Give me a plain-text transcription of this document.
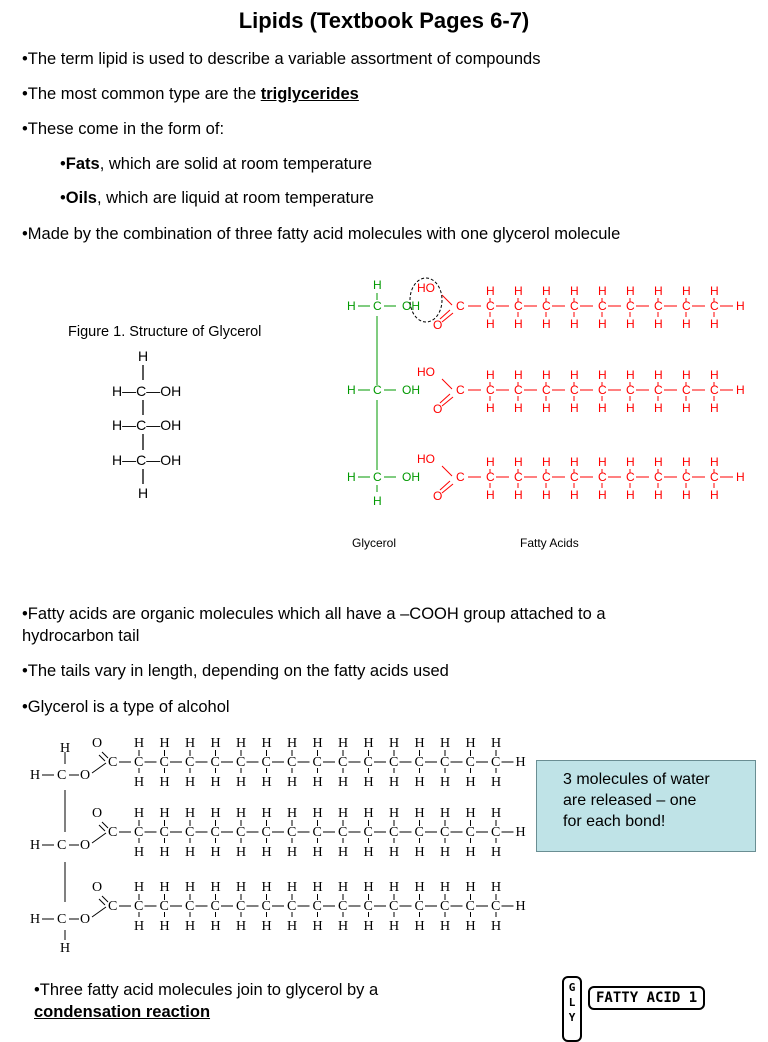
Lipids (Textbook Pages 6-7)
•The term lipid is used to describe a variable assortment of compounds
•The most common type are the triglycerides
•These come in the form of:
•Fats, which are solid at room temperature
•Oils, which are liquid at room temperature
•Made by the combination of three fatty acid molecules with one glycerol molecule
Figure 1. Structure of Glycerol
H
H—C—OH
H—C—OH
H—C—OH
H
H
H
H C OH
H C OH
H C OH
HO
C
O
C
H
H
C
H
H
C
H
H
C
H
H
C
H
H
C
H
H
C
H
H
C
H
H
C
H
H
H
HO
C
O
C
H
H
C
H
H
C
H
H
C
H
H
C
H
H
C
H
H
C
H
H
C
H
H
C
H
H
H
HO
C
O
C
H
H
C
H
H
C
H
H
C
H
H
C
H
H
C
H
H
C
H
H
C
H
H
C
H
H
H
Glycerol	Fatty Acids
•Fatty acids are organic molecules which all have a –COOH group attached to a
hydrocarbon tail
•The tails vary in length, depending on the fatty acids used
•Glycerol is a type of alcohol
H
H
H C O
O
C C
H
H
C
H
H
C
H
H
C
H
H
C
H
H
C
H
H
C
H
H
C
H
H
C
H
H
C
H
H
C
H
H
C
H
H
C
H
H
C
H
H
C
H
H
H
H C O
O
C C
H
H
C
H
H
C
H
H
C
H
H
C
H
H
C
H
H
C
H
H
C
H
H
C
H
H
C
H
H
C
H
H
C
H
H
C
H
H
C
H
H
C
H
H
H
H C O
O
C C
H
H
C
H
H
C
H
H
C
H
H
C
H
H
C
H
H
C
H
H
C
H
H
C
H
H
C
H
H
C
H
H
C
H
H
C
H
H
C
H
H
C
H
H
H
3 molecules of water
are released – one
for each bond!
•Three fatty acid molecules join to glycerol by a
condensation reaction
G
L
Y
FATTY ACID 1
